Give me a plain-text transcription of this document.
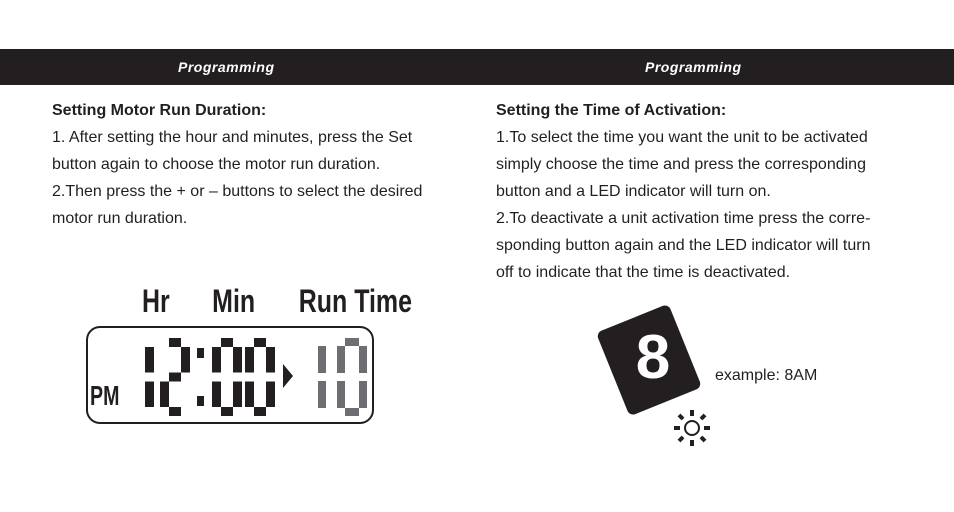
Programming	Programming

Setting Motor Run Duration:

1. After setting the hour and minutes, press the Set

button again to choose the motor run duration.

2.Then press the + or – buttons to select the desired

motor run duration.

Setting the Time of Activation:

1.To select the time you want the unit to be activated

simply choose the time and press the corresponding

button and a LED indicator will turn on.

2.To deactivate a unit activation time press the corre-

sponding button again and the LED indicator will turn

off to indicate that the time is deactivated.

Hr Min Run Time
PM
8	example: 8AM
